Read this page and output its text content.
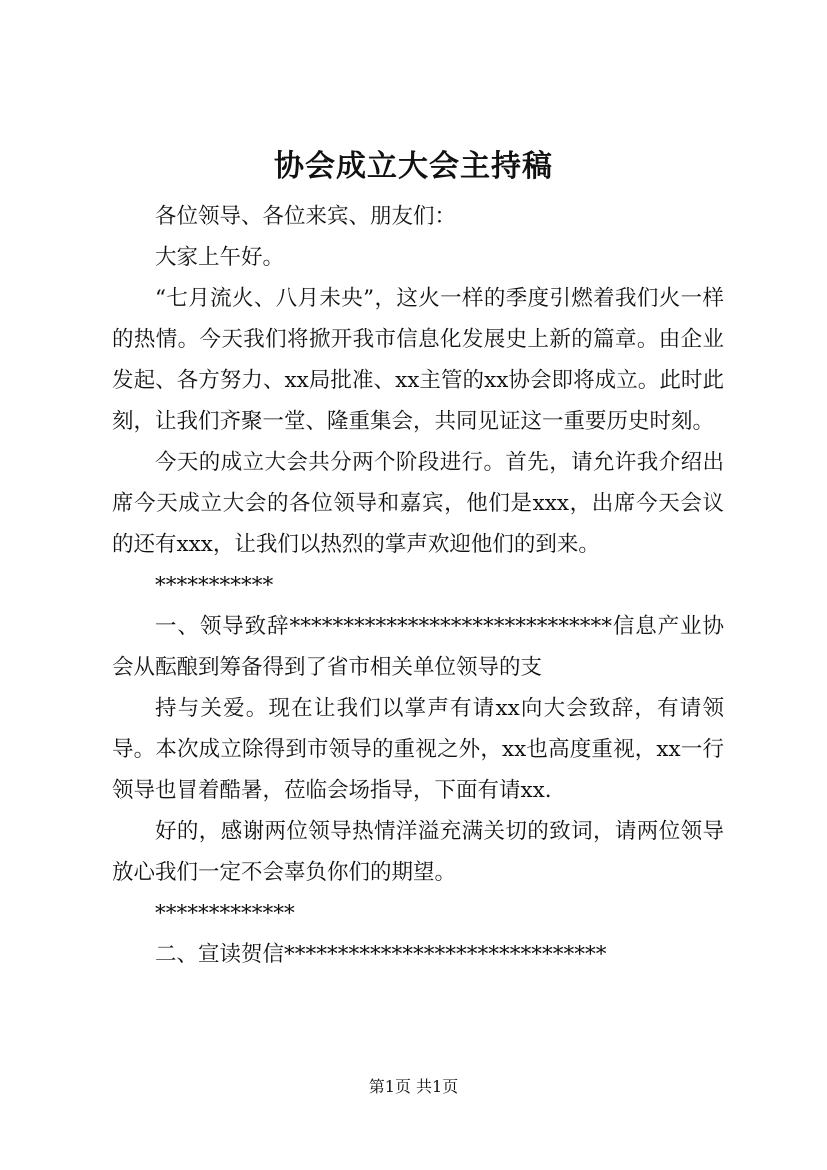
协会成立大会主持稿

各位领导、各位来宾、朋友们：

大家上午好。

“七月流火、八月未央”，这火一样的季度引燃着我们火一样的热情。今天我们将掀开我市信息化发展史上新的篇章。由企业发起、各方努力、xx局批准、xx主管的xx协会即将成立。此时此刻，让我们齐聚一堂、隆重集会，共同见证这一重要历史时刻。

今天的成立大会共分两个阶段进行。首先，请允许我介绍出席今天成立大会的各位领导和嘉宾，他们是xxx，出席今天会议的还有xxx，让我们以热烈的掌声欢迎他们的到来。

***********

一、领导致辞******************************信息产业协会从酝酿到筹备得到了省市相关单位领导的支

持与关爱。现在让我们以掌声有请xx向大会致辞，有请领导。本次成立除得到市领导的重视之外，xx也高度重视，xx一行领导也冒着酷暑，莅临会场指导，下面有请xx.

好的，感谢两位领导热情洋溢充满关切的致词，请两位领导放心我们一定不会辜负你们的期望。

*************

二、宣读贺信******************************

第1页 共1页
